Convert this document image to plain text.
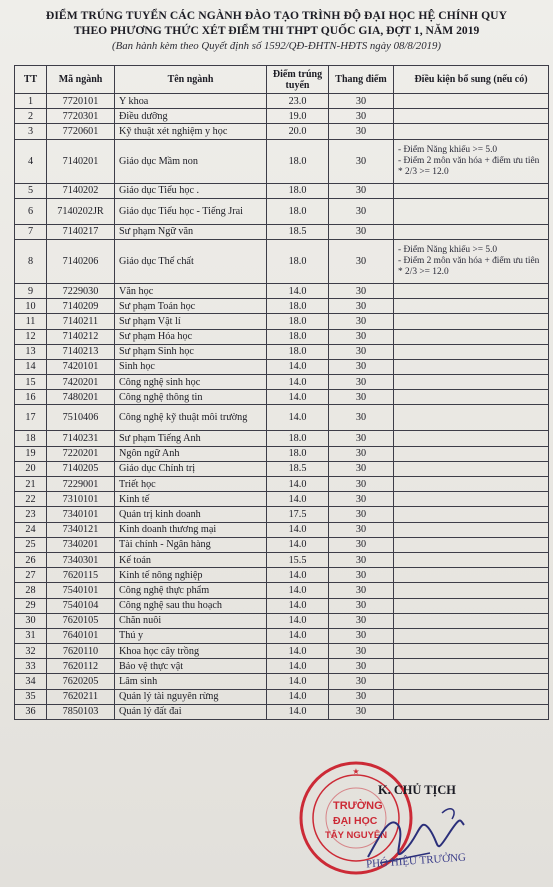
ĐIỂM TRÚNG TUYỂN CÁC NGÀNH ĐÀO TẠO TRÌNH ĐỘ ĐẠI HỌC HỆ CHÍNH QUY
THEO PHƯƠNG THỨC XÉT ĐIỂM THI THPT QUỐC GIA, ĐỢT 1, NĂM 2019
(Ban hành kèm theo Quyết định số 1592/QĐ-ĐHTN-HĐTS ngày 08/8/2019)
TT	Mã ngành	Tên ngành	Điểm trúng tuyển	Thang điểm	Điều kiện bổ sung (nếu có)
1	7720101	Y khoa	23.0	30	
2	7720301	Điều dưỡng	19.0	30	
3	7720601	Kỹ thuật xét nghiệm y học	20.0	30	
4	7140201	Giáo dục Mầm non	18.0	30	- Điểm Năng khiếu >= 5.0
- Điểm 2 môn văn hóa + điểm ưu tiên * 2/3 >= 12.0
5	7140202	Giáo dục Tiểu học .	18.0	30	
6	7140202JR	Giáo dục Tiểu học - Tiếng Jrai	18.0	30	
7	7140217	Sư phạm Ngữ văn	18.5	30	
8	7140206	Giáo dục Thể chất	18.0	30	- Điểm Năng khiếu >= 5.0
- Điểm 2 môn văn hóa + điểm ưu tiên * 2/3 >= 12.0
9	7229030	Văn học	14.0	30	
10	7140209	Sư phạm Toán học	18.0	30	
11	7140211	Sư phạm Vật lí	18.0	30	
12	7140212	Sư phạm Hóa học	18.0	30	
13	7140213	Sư phạm Sinh học	18.0	30	
14	7420101	Sinh học	14.0	30	
15	7420201	Công nghệ sinh học	14.0	30	
16	7480201	Công nghệ thông tin	14.0	30	
17	7510406	Công nghệ kỹ thuật môi trường	14.0	30	
18	7140231	Sư phạm Tiếng Anh	18.0	30	
19	7220201	Ngôn ngữ Anh	18.0	30	
20	7140205	Giáo dục Chính trị	18.5	30	
21	7229001	Triết học	14.0	30	
22	7310101	Kinh tế	14.0	30	
23	7340101	Quản trị kinh doanh	17.5	30	
24	7340121	Kinh doanh thương mại	14.0	30	
25	7340201	Tài chính - Ngân hàng	14.0	30	
26	7340301	Kế toán	15.5	30	
27	7620115	Kinh tế nông nghiệp	14.0	30	
28	7540101	Công nghệ thực phẩm	14.0	30	
29	7540104	Công nghệ sau thu hoạch	14.0	30	
30	7620105	Chăn nuôi	14.0	30	
31	7640101	Thú y	14.0	30	
32	7620110	Khoa học cây trồng	14.0	30	
33	7620112	Bảo vệ thực vật	14.0	30	
34	7620205	Lâm sinh	14.0	30	
35	7620211	Quản lý tài nguyên rừng	14.0	30	
36	7850103	Quản lý đất đai	14.0	30	
★
TRƯỜNG
ĐẠI HỌC
TÂY NGUYÊN
K. CHỦ TỊCH
PHÓ HIỆU TRƯỞNG
